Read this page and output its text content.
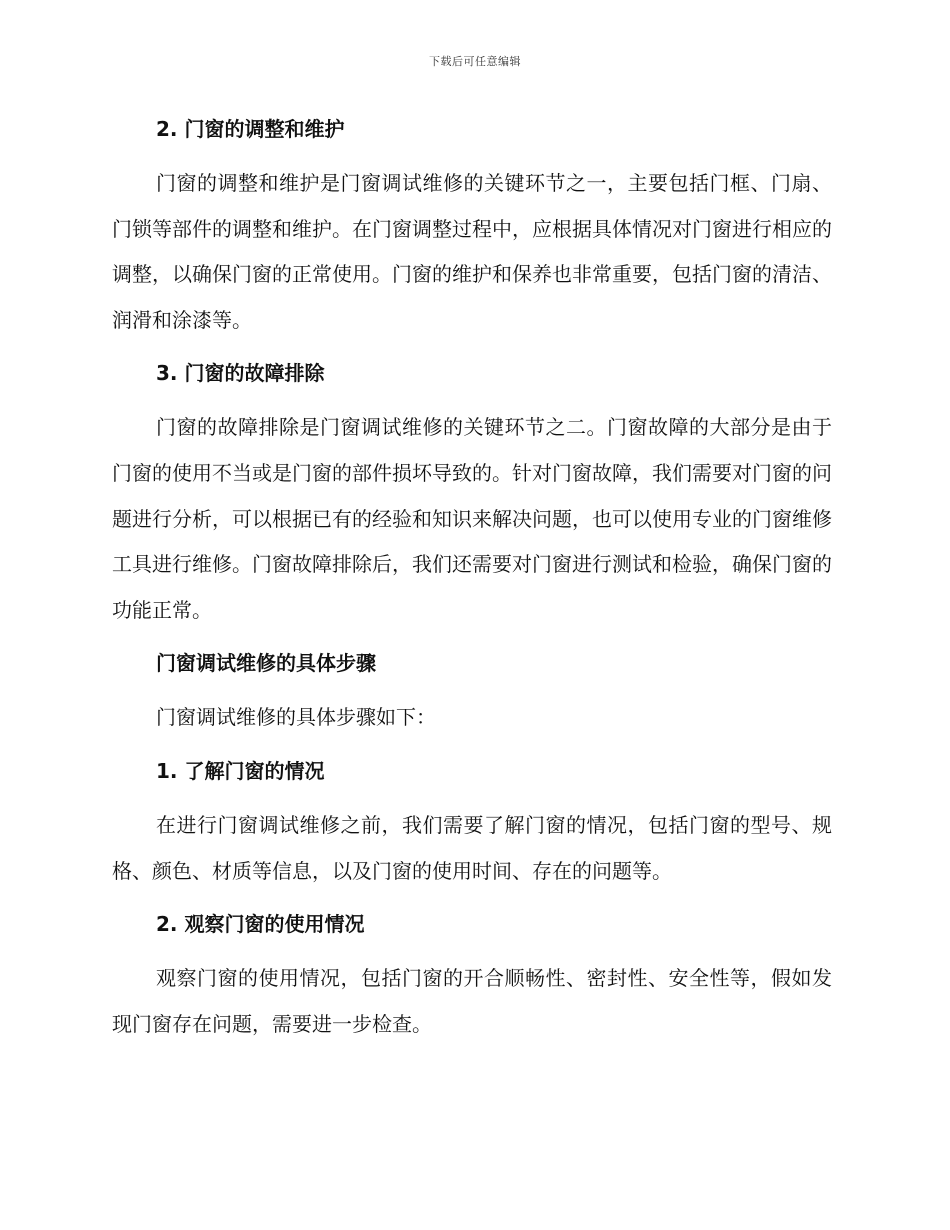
下载后可任意编辑
2. 门窗的调整和维护

门窗的调整和维护是门窗调试维修的关键环节之一，主要包括门框、门扇、门锁等部件的调整和维护。在门窗调整过程中，应根据具体情况对门窗进行相应的调整，以确保门窗的正常使用。门窗的维护和保养也非常重要，包括门窗的清洁、润滑和涂漆等。

3. 门窗的故障排除

门窗的故障排除是门窗调试维修的关键环节之二。门窗故障的大部分是由于门窗的使用不当或是门窗的部件损坏导致的。针对门窗故障，我们需要对门窗的问题进行分析，可以根据已有的经验和知识来解决问题，也可以使用专业的门窗维修工具进行维修。门窗故障排除后，我们还需要对门窗进行测试和检验，确保门窗的功能正常。

门窗调试维修的具体步骤

门窗调试维修的具体步骤如下：

1. 了解门窗的情况

在进行门窗调试维修之前，我们需要了解门窗的情况，包括门窗的型号、规格、颜色、材质等信息，以及门窗的使用时间、存在的问题等。

2. 观察门窗的使用情况

观察门窗的使用情况，包括门窗的开合顺畅性、密封性、安全性等，假如发现门窗存在问题，需要进一步检查。
